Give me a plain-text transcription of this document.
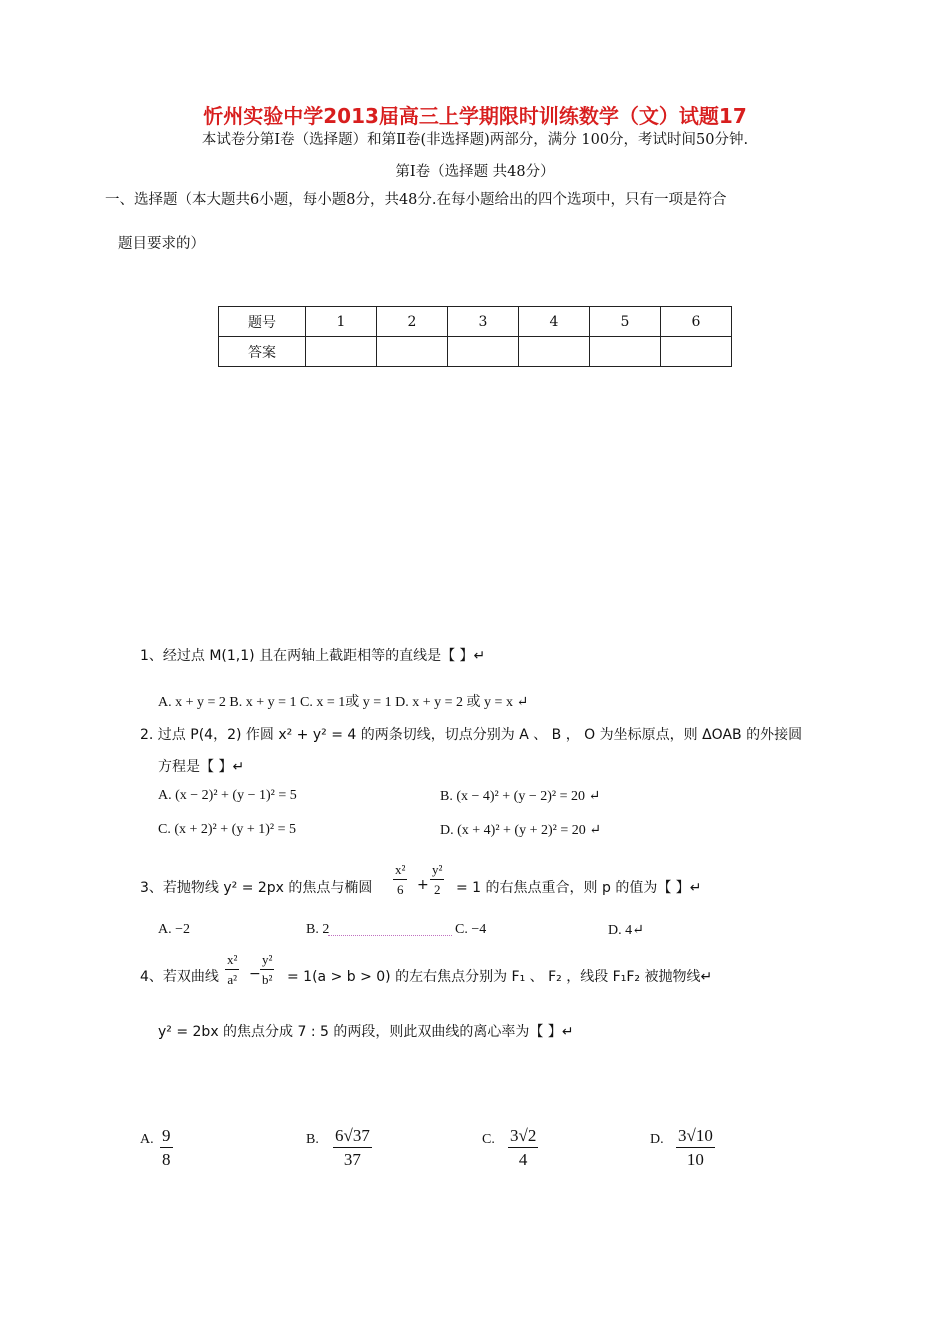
忻州实验中学2013届高三上学期限时训练数学（文）试题17
本试卷分第Ⅰ卷（选择题）和第Ⅱ卷(非选择题)两部分，满分 100分，考试时间50分钟.
第Ⅰ卷（选择题 共48分）
一、选择题（本大题共6小题，每小题8分，共48分.在每小题给出的四个选项中，只有一项是符合
题目要求的）
题号	1	2	3	4	5	6
答案						
1、经过点 M(1,1) 且在两轴上截距相等的直线是【 】↵
A. x + y = 2 B. x + y = 1 C. x = 1或 y = 1 D. x + y = 2 或 y = x ↵
2. 过点 P(4，2) 作圆 x² + y² = 4 的两条切线，切点分别为 A 、 B ， O 为坐标原点，则 ΔOAB 的外接圆
方程是【 】↵
A. (x − 2)² + (y − 1)² = 5	B. (x − 4)² + (y − 2)² = 20 ↵
C. (x + 2)² + (y + 1)² = 5	D. (x + 4)² + (y + 2)² = 20 ↵
3、若抛物线 y² = 2px 的焦点与椭圆 $\frac{\text{x²}}{6} + \frac{\text{y²}}{2} = 1$ 的右焦点重合，则 p 的值为【 】↵
A. −2	B. 2	C. −4	D. 4↵
4、若双曲线 $\frac{\text{x²}}{\text{a²}} - \frac{\text{y²}}{\text{b²}} = 1(a > b > 0)$ 的左右焦点分别为 F₁ 、 F₂ ，线段 F₁F₂ 被抛物线↵
y² = 2bx 的焦点分成 7 : 5 的两段，则此双曲线的离心率为【 】↵
A. $\frac{9}{8}$	B. $\frac{6√37}{37}$	C. $\frac{3√2}{4}$	D. $\frac{3√10}{10}$
